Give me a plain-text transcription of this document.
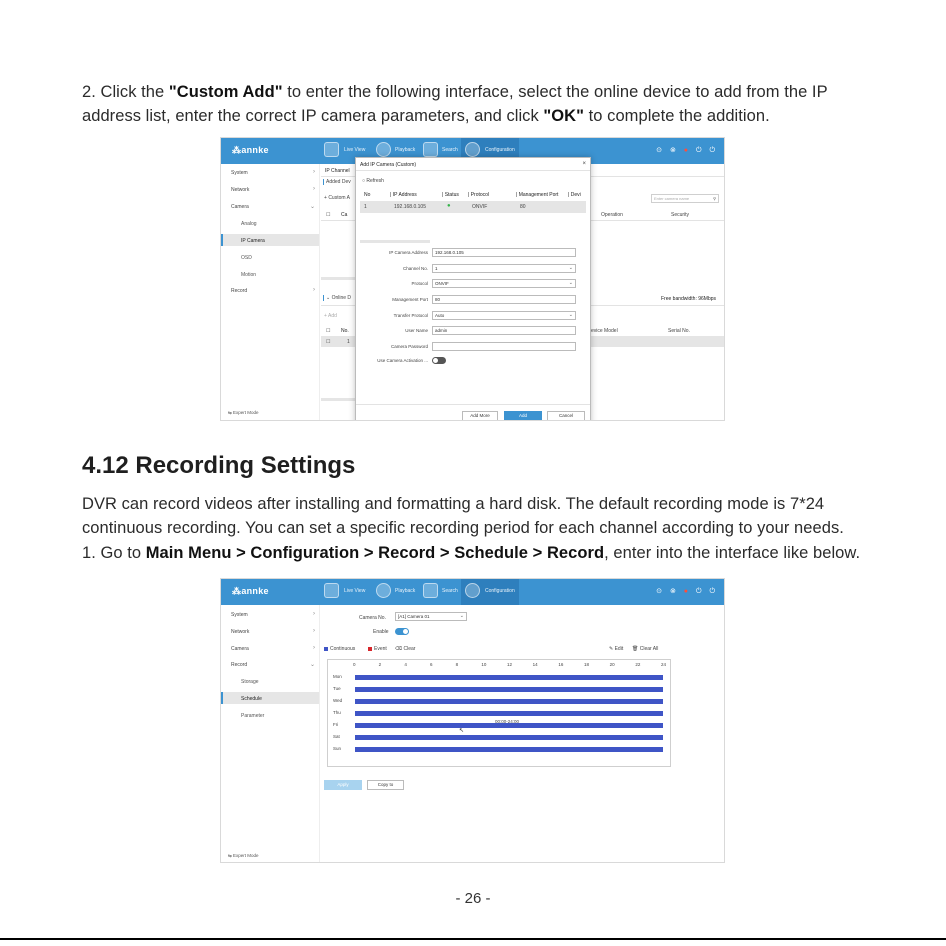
2. Click the "Custom Add" to enter the following interface, select the online device to add from the IP
address list, enter the correct IP camera parameters, and click "OK" to complete the addition.
⁂annke	Live View	Playback	Search	Configuration	⊙ ⊗ ● ⏻ ⏻
System	›
Network	›
Camera	⌄
Analog
IP Camera
OSD
Motion
Record	›
⇆ Expert Mode
IP Channel
Added Dev
+ Custom A	Enter camera name	⚲
☐ Ca	Operation	Security
⌄ Online D	Free bandwidth: 96Mbps
+ Add
☐ No.	evice Model	Serial No.
☐	1
Add IP Camera (Custom)	×
○ Refresh
No	| IP Address	| Status | Protocol	| Management Port | Devi
1	192.168.0.105	●	ONVIF	80
IP Camera Address	192.168.0.105
Channel No.	1	⌄
Protocol	ONVIF	⌄
Management Port	80
Transfer Protocol	Auto	⌄
User Name	admin
Camera Password
Use Camera Activation ...
Add More	Add	Cancel
4.12 Recording Settings
DVR can record videos after installing and formatting a hard disk. The default recording mode is 7*24
continuous recording. You can set a specific recording period for each channel according to your needs.
1. Go to Main Menu > Configuration > Record > Schedule > Record, enter into the interface like below.
⁂annke	Live View	Playback	Search	Configuration	⊙ ⊗ ● ⏻ ⏻
System	›
Network	›
Camera	›
Record	⌄
Storage
Schedule
Parameter
⇆ Expert Mode
Camera No.	[A1] Camera 01	⌄
Enable
Continuous	Event ⌫ Clear	✎ Edit 🗑 Clear All
0	2	4	6	8	10	12	14	16	18	20	22	24
Mon
Tue
Wed
Thu
Fri
Sat
Sun
00:00-24:00
↖
Apply	Copy to
- 26 -
